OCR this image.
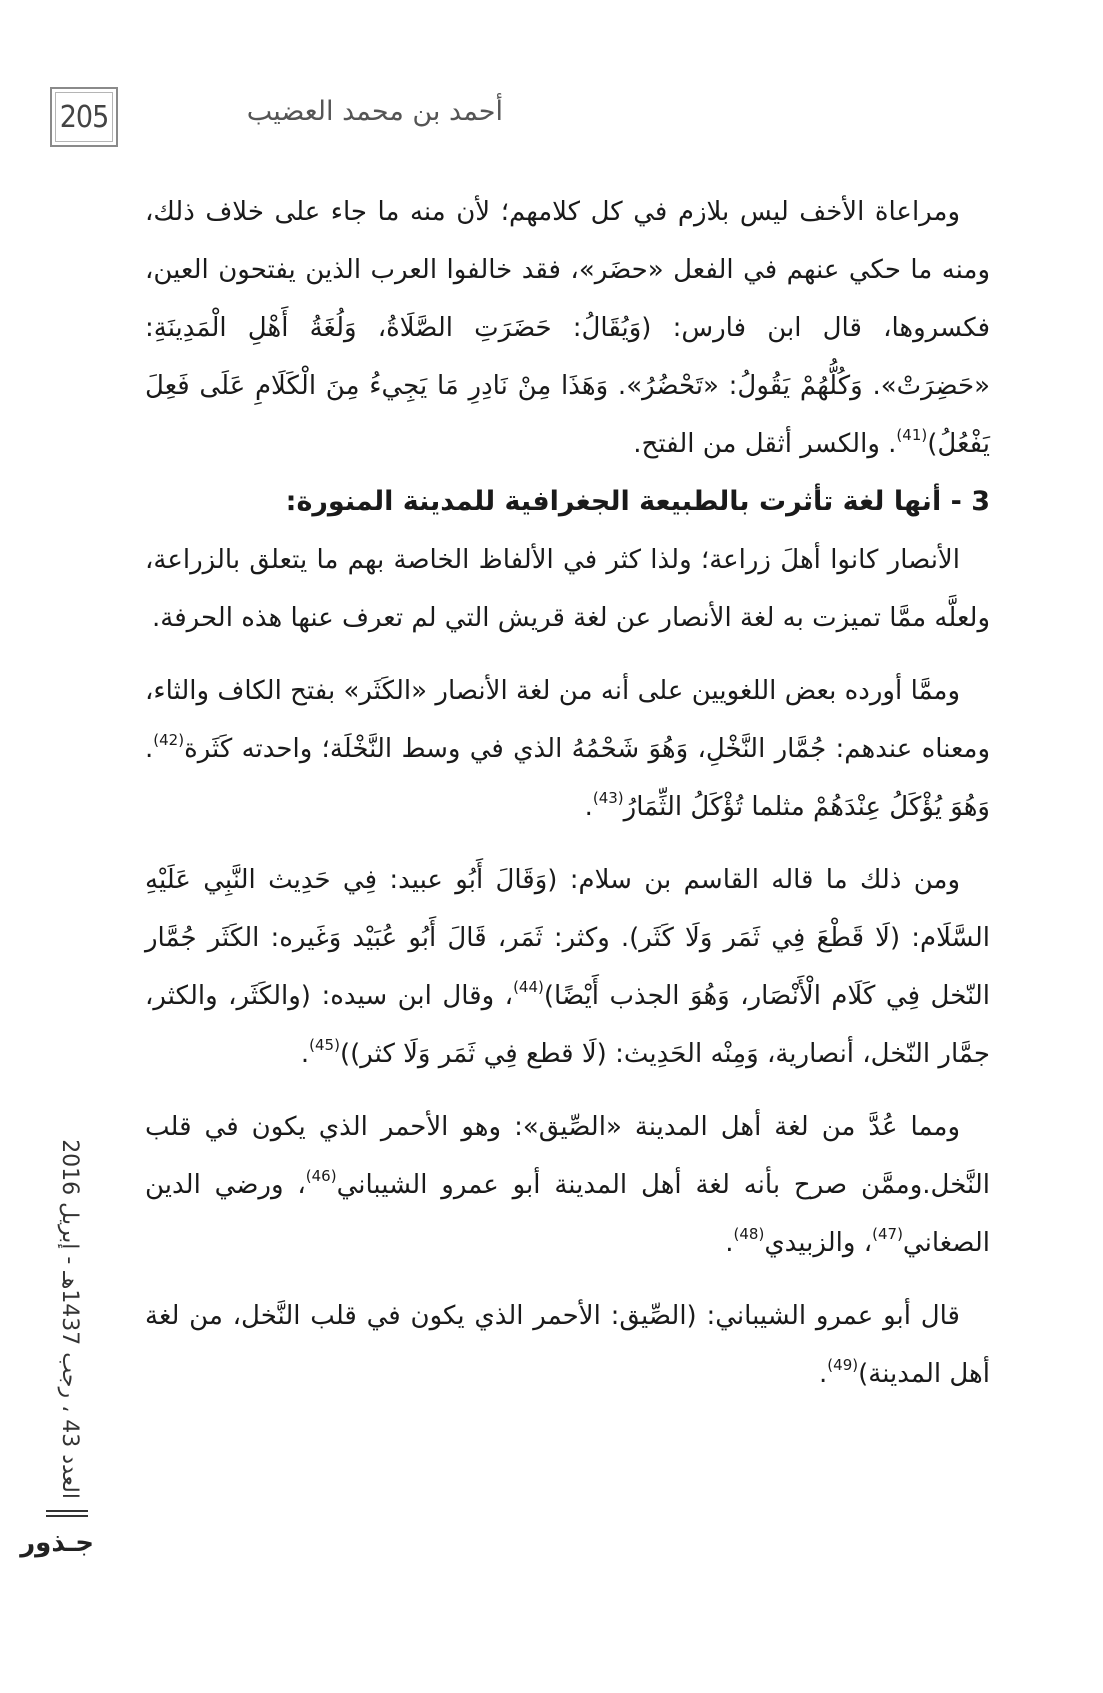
205	أحمد بن محمد العضيب
العدد 43 ، رجب 1437هـ - إبريل 2016
جـذور

ومراعاة الأخف ليس بلازم في كل كلامهم؛ لأن منه ما جاء على خلاف ذلك، ومنه ما حكي عنهم في الفعل «حضَر»، فقد خالفوا العرب الذين يفتحون العين، فكسروها، قال ابن فارس: (وَيُقَالُ: حَضَرَتِ الصَّلَاةُ، وَلُغَةُ أَهْلِ الْمَدِينَةِ: «حَضِرَتْ». وَكُلُّهُمْ يَقُولُ: «تَحْضُرُ». وَهَذَا مِنْ نَادِرِ مَا يَجِيءُ مِنَ الْكَلَامِ عَلَى فَعِلَ يَفْعُلُ)$^{(41)}$. والكسر أثقل من الفتح.

3 - أنها لغة تأثرت بالطبيعة الجغرافية للمدينة المنورة:

الأنصار كانوا أهلَ زراعة؛ ولذا كثر في الألفاظ الخاصة بهم ما يتعلق بالزراعة، ولعلَّه ممَّا تميزت به لغة الأنصار عن لغة قريش التي لم تعرف عنها هذه الحرفة.

وممَّا أورده بعض اللغويين على أنه من لغة الأنصار «الكَثَر» بفتح الكاف والثاء، ومعناه عندهم: جُمَّار النَّخْلِ، وَهُوَ شَحْمُهُ الذي في وسط النَّخْلَة؛ واحدته كَثَرة$^{(42)}$. وَهُوَ يُؤْكَلُ عِنْدَهُمْ مثلما تُؤْكَلُ الثِّمَارُ$^{(43)}$.

ومن ذلك ما قاله القاسم بن سلام: (وَقَالَ أَبُو عبيد: فِي حَدِيث النَّبِي عَلَيْهِ السَّلَام: (لَا قَطْعَ فِي ثَمَر وَلَا كَثَر). وكثر: ثَمَر، قَالَ أَبُو عُبَيْد وَغَيره: الكَثَر جُمَّار النّخل فِي كَلَام الْأَنْصَار، وَهُوَ الجذب أَيْضًا)$^{(44)}$، وقال ابن سيده: (والكَثَر، والكثر، جمَّار النّخل، أنصارية، وَمِنْه الحَدِيث: (لَا قطع فِي ثَمَر وَلَا كثر))$^{(45)}$.

ومما عُدَّ من لغة أهل المدينة «الصِّيق»: وهو الأحمر الذي يكون في قلب النَّخل.وممَّن صرح بأنه لغة أهل المدينة أبو عمرو الشيباني$^{(46)}$، ورضي الدين الصغاني$^{(47)}$، والزبيدي$^{(48)}$.

قال أبو عمرو الشيباني: (الصِّيق: الأحمر الذي يكون في قلب النَّخل، من لغة أهل المدينة)$^{(49)}$.
